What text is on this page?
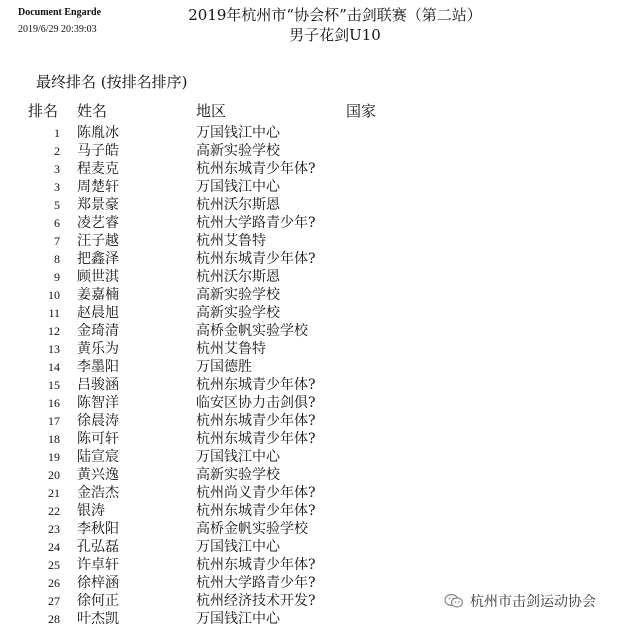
Document Engarde
2019/6/29 20:39:03
2019年杭州市“协会杯”击剑联赛（第二站）
男子花剑U10
最终排名 (按排名排序)
排名 姓名	地区	国家
1 陈胤冰	万国钱江中心
2 马子皓	高新实验学校
3 程麦克	杭州东城青少年体?
3 周楚轩	万国钱江中心
5 郑景豪	杭州沃尔斯恩
6 凌艺睿	杭州大学路青少年?
7 汪子越	杭州艾鲁特
8 把鑫泽	杭州东城青少年体?
9 顾世淇	杭州沃尔斯恩
10 姜嘉楠	高新实验学校
11 赵晨旭	高新实验学校
12 金琦清	高桥金帆实验学校
13 黄乐为	杭州艾鲁特
14 李墨阳	万国德胜
15 吕骏涵	杭州东城青少年体?
16 陈智洋	临安区协力击剑俱?
17 徐晨涛	杭州东城青少年体?
18 陈可轩	杭州东城青少年体?
19 陆宣宸	万国钱江中心
20 黄兴逸	高新实验学校
21 金浩杰	杭州尚义青少年体?
22 银涛	杭州东城青少年体?
23 李秋阳	高桥金帆实验学校
24 孔弘磊	万国钱江中心
25 许卓轩	杭州东城青少年体?
26 徐梓涵	杭州大学路青少年?
27 徐何正	杭州经济技术开发?
28 叶杰凯	万国钱江中心
杭州市击剑运动协会
